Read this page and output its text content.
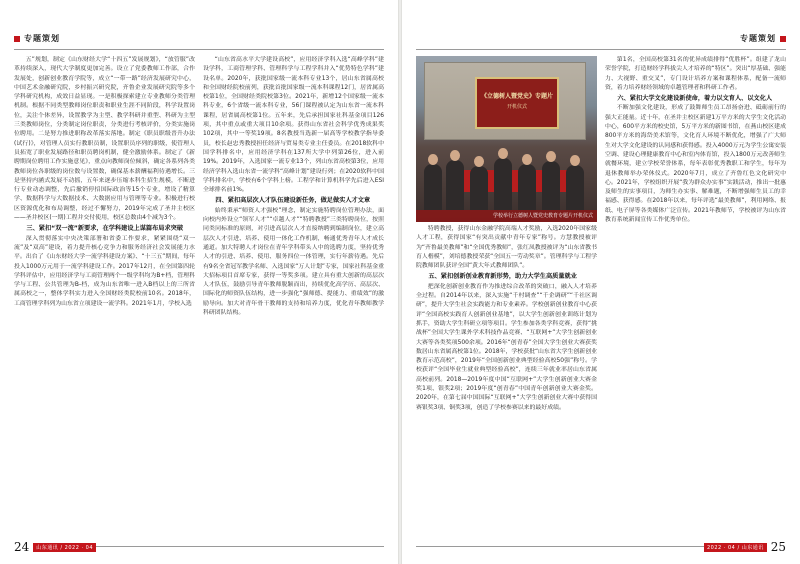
专题策划

五”规划，制定《山东财经大学“十四五”发展规划》，“放管服”改革持续深入，现代大学制度更加完善。设立了党委教师工作部，合作发展处，创新创业教育学院等，成立“一带一路”经济发展研究中心，中国艺术金融研究院，乡村振兴研究院，齐鲁企业发展研究院等多个学科研究机构，成效日益显现。一是积极探索建立专业教师分类管理机制。根据不同类型教师岗位职责和职业生涯不同阶段，科学设置岗位，关注个体差异，设置教学为主型、教学科研并重型、科研为主型三类教师岗位，分类制定岗位职责，分类进行考核评价，分类实施岗位聘用。二是努力推进职称改革落实落地。制定《职员职级晋升办法(试行)》，对管理人员实行教职员制，设置职员序列的职级，使管理人员拓宽了职业发展路径和职员聘岗机制，健全激励体系。制定了《新聘期岗位聘用工作实施意见》，重点向教师岗位倾斜，确定各系列各类教师岗位各职级的岗位数与设置数，确保基本薪酬福利待遇增长。三是坚持内涵式发展不动摇，五年来逐步压缩本科生招生规模，不断进行专业动态调整，先后撤销停招国际政治等15个专业，增设了精算学、数据科学与大数据技术、大数据应用与管理等专业。积极进行校区资源优化和布局调整，经过不懈努力，2019年完成了圣井主校区——圣井校区(一期)工程并交付使用，校区总数由4个减为3个。

三、紧扣“双一流”新要求，在学科建设上谋篇布局求突破

深入贯彻落实中央决策部署和省委工作要求，紧紧围绕“双一流”及“双高”建设，着力提升核心竞争力和服务经济社会发展能力水平。出台了《山东财经大学一流学科建设方案》、“十三五”期间，每年投入1000万元用于一流学科建设工作。2017年12月，在全国第四轮学科评估中，应用经济学与工商管理两个一级学科均为B+档，管理科学与工程、公共管理为B-档，成为山东省唯一进入B档以上的三所省属高校之一，整体学科实力进入全国财经类院校前10名。2018年，工商管理学科列为山东省立项建设一流学科。2021年1月，学校入选

“山东省高水平大学建设高校”，应用经济学科入选“高峰学科”建设学科，工商管理学科、管理科学与工程学科并入“优势特色学科”建设名单。2020年，获批国家级一流本科专业13个，居山东省属高校和全国财经院校前列，获批首批国家级一流本科课程12门，居省属高校第1位，全国财经类院校第3位。2021年，新增12个国家级一流本科专业，6个省级一流本科专业，56门课程被认定为山东省一流本科课程，居省属高校第1位。五年来，先后承担国家社科基金项目126项，其中重点或重大项目10余项。获得山东省社会科学优秀成果奖102项，其中一等奖19项。8名教授当选新一届高等学校教学指导委员，校长赵忠秀教授担任经济与贸易类专业主任委员。在2018软科中国学科排名中，应用经济学科在137所大学中列第26位，进入前19%。2019年，入选国家一流专业13个，列山东省高校第3位，应用经济学科入选山东省一流学科“高峰计划”建设行列；在2020软科中国学科排名中，学校有6个学科上榜。工程学和计算机科学先后进入ESI全球排名前1%。

四、紧扣高层次人才队伍建设新任务，做足做实人才文章

始终秉承“师资人才强校”理念，制定实施特聘岗位管理办法，面向校内外设立“领军人才”“卓越人才”“特聘教授”三类特聘岗位，按照同类同标准的原则，对引进高层次人才直接纳聘到编制岗位，建立高层次人才引进、培养、使用一体化工作机制，畅通优秀青年人才成长通道。加大特聘人才岗位在青年学科带头人中的选聘力度，坚持优秀人才的引进、培养、使用、服务四位一体管理，实行年薪待遇。先后有9名全省冠军教学名师、入选国家“万人计划”专家，国家社科基金重大招标项目首席专家，获得一等奖多项。建立具有重大创新的高层次人才队伍，鼓励引导青年教师脱颖而出，持续优化高学历、高层次、国际化的师资队伍结构，进一步强化“强师德、提能力、重绩效”的激励导向。加大对青年骨干教师的支持和培养力度，优化青年教师教学科研团队结构。

24	山东通讯 / 2022 · 04
专题策划
《立德树人暨党史》专题片
开机仪式
学校举行立德树人暨党史教育专题片开机仪式

特聘教授，获得山东金融学院高端人才奖励，入选2020年国家级人才工程，获得国家“有突出贡献中青年专家”称号。方慧教授被评为“齐鲁最美教师”和“全国优秀教师”，张红凤教授被评为“山东省教书育人楷模”，刘培德教授荣获“全国五一劳动奖章”。管理科学与工程学院教师团队获评全国“黄大年式教师团队”。

五、紧扣创新创业教育新形势，助力大学生高质量就业

把深化创新创业教育作为推进综合改革的突破口，融入人才培养全过程。自2014年以来，深入实施“千村调查”“千企调研”“千社区调研”，提升大学生社会实践能力和专业素养。学校创新创业教育中心获评“全国高校实践育人创新创业基地”，以大学生创新创业训练计划为抓手，资助大学生科研立项等项目。学生参加各类学科竞赛，获得“挑战杯”全国大学生课外学术科技作品竞赛、“互联网+”大学生创新创业大赛等各类奖项500余项。2016年“创青春”全国大学生创业大赛获奖数居山东省属高校第1位。2018年，学校获批“山东省大学生创新创业教育示范高校”，2019年“全国创新创业典型经验高校50强”称号。学校获评“全国毕业生就业典型经验高校”，连续三年就业率居山东省属高校前列。2018—2019年度中国“互联网+”大学生创新创业大赛金奖1项、银奖2项；2019年度“创青春”中国青年创新创业大赛金奖。2020年，在第七届中国国际“互联网+”大学生创新创业大赛中获得国赛银奖3项、铜奖3项，创造了学校参赛以来的最好成绩。

第1名，全国高校第31名的优异成绩排得“优胜杯”。组建了龙山荣誉学院，打造财经学科拔尖人才培养的“特区”。突出“厚基础、强能力、大视野、重交叉”，专门设计培养方案和课程体系，配备一流师资，着力培养财经领域的卓越管理者和科研工作者。

六、紧扣大学文化建设新使命，着力以文育人、以文化人

不断加强文化建设，形成了鼓舞师生员工昂扬奋进、砥砺前行的强大正能量。近十年，在圣井主校区新建1万平方米的大学生文化活动中心，600平方米的校史馆，5万平方米的新图书馆，在燕山校区建成800平方米的海岱美术馆等，文化育人环境不断优化，增强了广大师生对大学文化建设的认同感和获得感。投入4000万元为学生公寓安装空调、建设心理健康教育中心和室内体育馆，投入1800万元改善师生就餐环境，建立学校荣誉体系，每年表彰优秀教职工和学生，每年为退休教师举办荣休仪式。2020年7月，成立了齐鲁红色文化研究中心。2021年，学校组织开展“我为群众办实事”实践活动，推出一批惠及师生的实事项目，为师生办实事、解难题，不断增强师生员工的幸福感、获得感。在2018年以来，每年评选“最美教师”，利用网络、报纸、电子屏等各类媒体广泛宣传。2021年教师节，学校被评为山东省教育系统新闻宣传工作优秀单位。

2022 · 04 / 山东通讯 25
